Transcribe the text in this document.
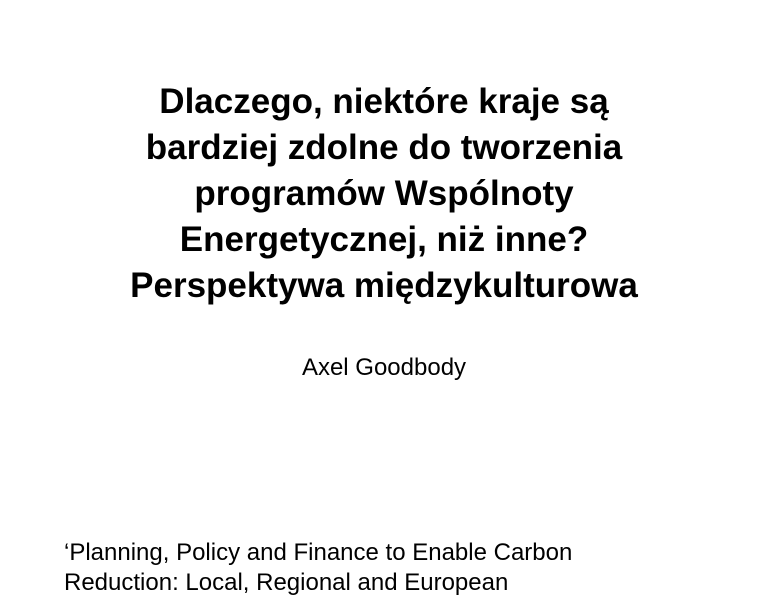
Dlaczego, niektóre kraje są
bardziej zdolne do tworzenia
programów Wspólnoty
Energetycznej, niż inne?
Perspektywa międzykulturowa

Axel Goodbody

‘Planning, Policy and Finance to Enable Carbon
Reduction: Local, Regional and European
